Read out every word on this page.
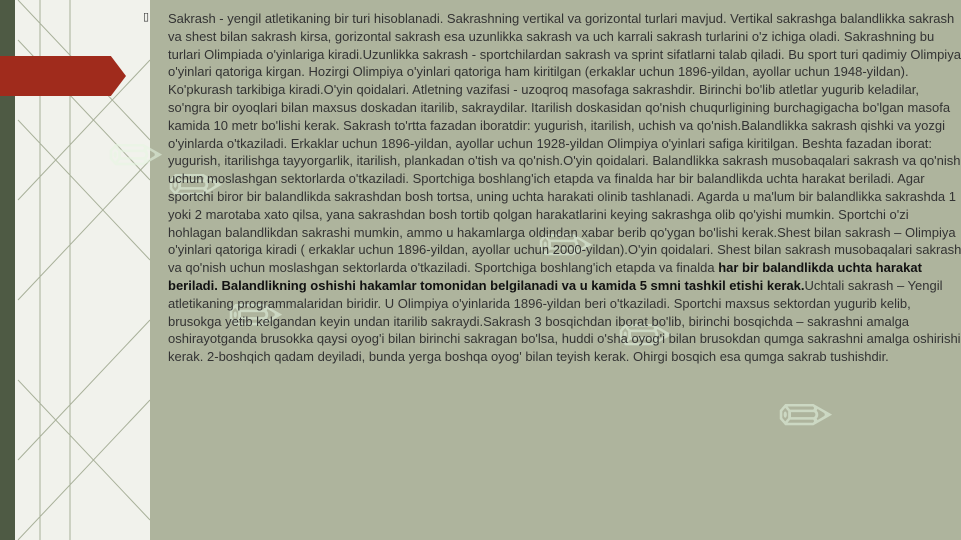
✎
✎
✎
✎
✎
✎
▯ Sakrash - yengil atletikaning bir turi hisoblanadi. Sakrashning vertikal va gorizontal turlari mavjud. Vertikal sakrashga balandlikka sakrash va shest bilan sakrash kirsa, gorizontal sakrash esa uzunlikka sakrash va uch karrali sakrash turlarini o'z ichiga oladi. Sakrashning bu turlari Olimpiada o'yinlariga kiradi.Uzunlikka sakrash - sportchilardan sakrash va sprint sifatlarni talab qiladi. Bu sport turi qadimiy Olimpiya o'yinlari qatoriga kirgan. Hozirgi Olimpiya o'yinlari qatoriga ham kiritilgan (erkaklar uchun 1896-yildan, ayollar uchun 1948-yildan). Ko'pkurash tarkibiga kiradi.O'yin qoidalari. Atletning vazifasi - uzoqroq masofaga sakrashdir. Birinchi bo'lib atletlar yugurib keladilar, so'ngra bir oyoqlari bilan maxsus doskadan itarilib, sakraydilar. Itarilish doskasidan qo'nish chuqurligining burchagigacha bo'lgan masofa kamida 10 metr bo'lishi kerak. Sakrash to'rtta fazadan iboratdir: yugurish, itarilish, uchish va qo'nish.Balandlikka sakrash qishki va yozgi o'yinlarda o'tkaziladi. Erkaklar uchun 1896-yildan, ayollar uchun 1928-yildan Olimpiya o'yinlari safiga kiritilgan. Beshta fazadan iborat: yugurish, itarilishga tayyorgarlik, itarilish, plankadan o'tish va qo'nish.O'yin qoidalari. Balandlikka sakrash musobaqalari sakrash va qo'nish uchun moslashgan sektorlarda o'tkaziladi. Sportchiga boshlang'ich etapda va finalda har bir balandlikda uchta harakat beriladi. Agar sportchi biror bir balandlikda sakrashdan bosh tortsa, uning uchta harakati olinib tashlanadi. Agarda u ma'lum bir balandlikka sakrashda 1 yoki 2 marotaba xato qilsa, yana sakrashdan bosh tortib qolgan harakatlarini keying sakrashga olib qo'yishi mumkin. Sportchi o'zi hohlagan balandlikdan sakrashi mumkin, ammo u hakamlarga oldindan xabar berib qo'ygan bo'lishi kerak.Shest bilan sakrash – Olimpiya o'yinlari qatoriga kiradi ( erkaklar uchun 1896-yildan, ayollar uchun 2000-yildan).O'yin qoidalari. Shest bilan sakrash musobaqalari sakrash va qo'nish uchun moslashgan sektorlarda o'tkaziladi. Sportchiga boshlang'ich etapda va finalda har bir balandlikda uchta harakat beriladi. Balandlikning oshishi hakamlar tomonidan belgilanadi va u kamida 5 smni tashkil etishi kerak.Uchtali sakrash – Yengil atletikaning programmalaridan biridir. U Olimpiya o'yinlarida 1896-yildan beri o'tkaziladi. Sportchi maxsus sektordan yugurib kelib, brusokga yetib kelgandan keyin undan itarilib sakraydi.Sakrash 3 bosqichdan iborat bo'lib, birinchi bosqichda – sakrashni amalga oshirayotganda brusokka qaysi oyog'i bilan birinchi sakragan bo'lsa, huddi o'sha oyog'i bilan brusokdan qumga sakrashni amalga oshirishi kerak. 2-boshqich qadam deyiladi, bunda yerga boshqa oyog' bilan teyish kerak. Ohirgi bosqich esa qumga sakrab tushishdir.
